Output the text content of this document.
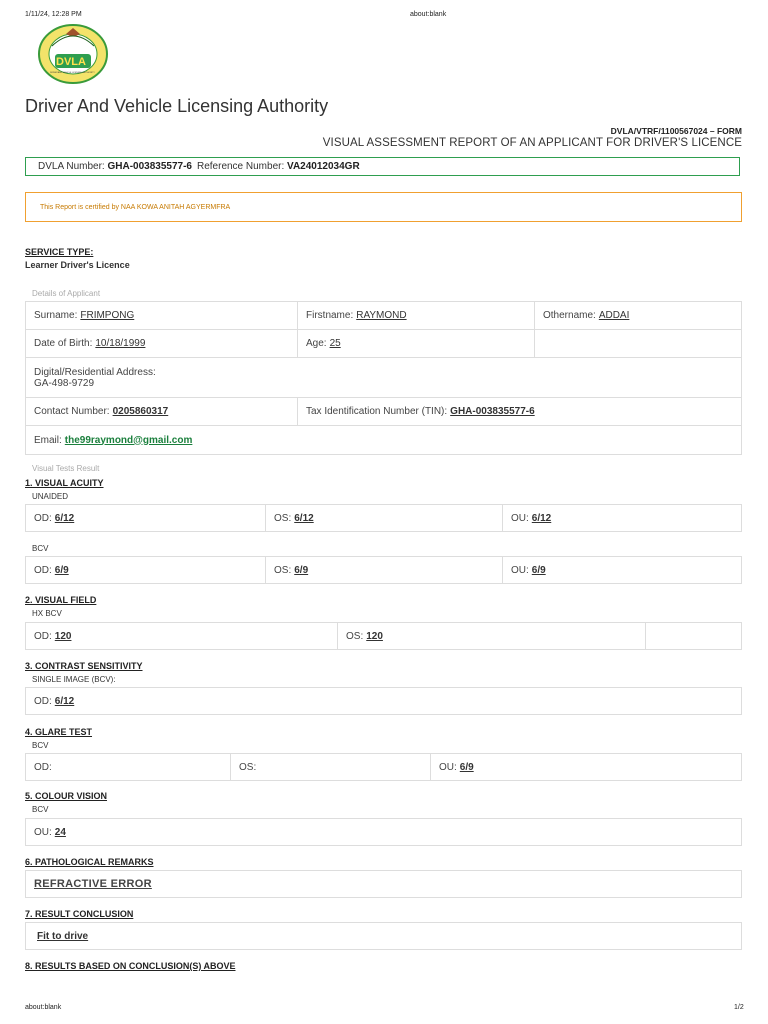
1/11/24, 12:28 PM	about:blank
DVLA
DRIVER AND VEHICLE LICENSING AUTHORITY
Driver And Vehicle Licensing Authority
DVLA/VTRF/1100567024 – FORM
VISUAL ASSESSMENT REPORT OF AN APPLICANT FOR DRIVER'S LICENCE
DVLA Number:
GHA-003835577-6 Reference Number:
VA24012034GR
This Report is certified by NAA KOWA ANITAH AGYERMFRA
SERVICE TYPE:
Learner Driver's Licence
Details of Applicant
Surname: FRIMPONG	Firstname: RAYMOND	Othername: ADDAI
Date of Birth: 10/18/1999	Age: 25
Digital/Residential Address:
GA-498-9729
Contact Number: 0205860317	Tax Identification Number (TIN): GHA-003835577-6
Email: the99raymond@gmail.com
Visual Tests Result
1. VISUAL ACUITY
UNAIDED
OD: 6/12	OS: 6/12	OU: 6/12
BCV
OD: 6/9	OS: 6/9	OU: 6/9
2. VISUAL FIELD
HX BCV
OD: 120	OS: 120
3. CONTRAST SENSITIVITY
SINGLE IMAGE (BCV):
OD: 6/12
4. GLARE TEST
BCV
OD:	OS:	OU: 6/9
5. COLOUR VISION
BCV
OU: 24
6. PATHOLOGICAL REMARKS
REFRACTIVE ERROR
7. RESULT CONCLUSION
Fit to drive
8. RESULTS BASED ON CONCLUSION(S) ABOVE
about:blank	1/2
